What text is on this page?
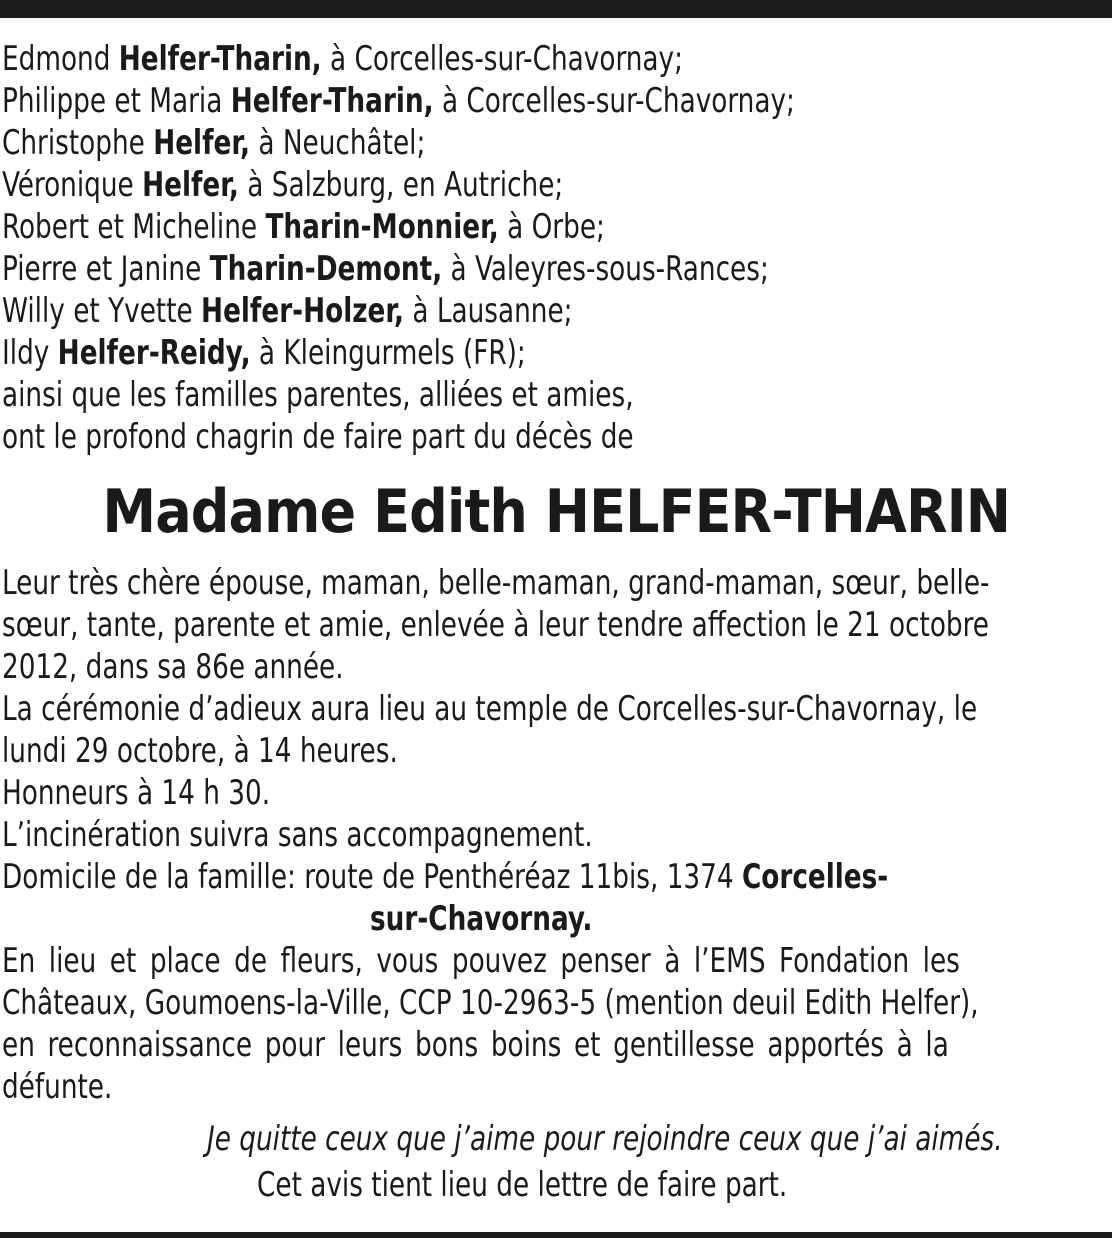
Edmond Helfer-Tharin, à Corcelles-sur-Chavornay;
Philippe et Maria Helfer-Tharin, à Corcelles-sur-Chavornay;
Christophe Helfer, à Neuchâtel;
Véronique Helfer, à Salzburg, en Autriche;
Robert et Micheline Tharin-Monnier, à Orbe;
Pierre et Janine Tharin-Demont, à Valeyres-sous-Rances;
Willy et Yvette Helfer-Holzer, à Lausanne;
Ildy Helfer-Reidy, à Kleingurmels (FR);
ainsi que les familles parentes, alliées et amies,
ont le profond chagrin de faire part du décès de
Madame Edith HELFER-THARIN
Leur très chère épouse, maman, belle-maman, grand-maman, sœur, belle-
sœur, tante, parente et amie, enlevée à leur tendre affection le 21 octobre
2012, dans sa 86e année.
La cérémonie d’adieux aura lieu au temple de Corcelles-sur-Chavornay, le
lundi 29 octobre, à 14 heures.
Honneurs à 14 h 30.
L’incinération suivra sans accompagnement.
Domicile de la famille: route de Penthéréaz 11bis, 1374 Corcelles-
sur-Chavornay.
En lieu et place de fleurs, vous pouvez penser à l’EMS Fondation les
Châteaux, Goumoens-la-Ville, CCP 10-2963-5 (mention deuil Edith Helfer),
en reconnaissance pour leurs bons boins et gentillesse apportés à la
défunte.
Je quitte ceux que j’aime pour rejoindre ceux que j’ai aimés.
Cet avis tient lieu de lettre de faire part.
